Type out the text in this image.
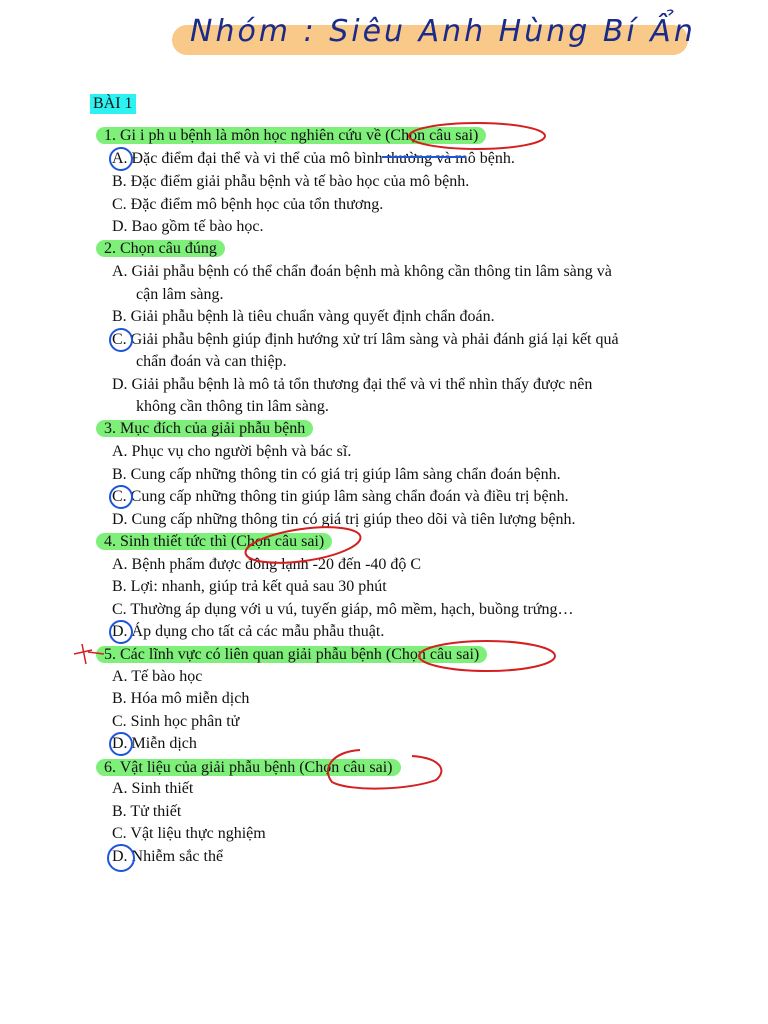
Nhóm : Siêu Anh Hùng Bí Ẩn
BÀI 1
1. Gi i ph u bệnh là môn học nghiên cứu về (Chọn câu sai)
A. Đặc điểm đại thể và vi thể của mô bình thường và mô bệnh.
B. Đặc điểm giải phẫu bệnh và tế bào học của mô bệnh.
C. Đặc điểm mô bệnh học của tổn thương.
D. Bao gồm tế bào học.
2. Chọn câu đúng
A. Giải phẫu bệnh có thể chẩn đoán bệnh mà không cần thông tin lâm sàng và
cận lâm sàng.
B. Giải phẫu bệnh là tiêu chuẩn vàng quyết định chẩn đoán.
C. Giải phẫu bệnh giúp định hướng xử trí lâm sàng và phải đánh giá lại kết quả
chẩn đoán và can thiệp.
D. Giải phẫu bệnh là mô tả tổn thương đại thể và vi thể nhìn thấy được nên
không cần thông tin lâm sàng.
3. Mục đích của giải phẫu bệnh
A. Phục vụ cho người bệnh và bác sĩ.
B. Cung cấp những thông tin có giá trị giúp lâm sàng chẩn đoán bệnh.
C. Cung cấp những thông tin giúp lâm sàng chẩn đoán và điều trị bệnh.
D. Cung cấp những thông tin có giá trị giúp theo dõi và tiên lượng bệnh.
4. Sinh thiết tức thì (Chọn câu sai)
A. Bệnh phẩm được đông lạnh -20 đến -40 độ C
B. Lợi: nhanh, giúp trả kết quả sau 30 phút
C. Thường áp dụng với u vú, tuyến giáp, mô mềm, hạch, buồng trứng…
D. Áp dụng cho tất cả các mẫu phẫu thuật.
5. Các lĩnh vực có liên quan giải phẫu bệnh (Chọn câu sai)
A. Tế bào học
B. Hóa mô miễn dịch
C. Sinh học phân tử
D. Miễn dịch
6. Vật liệu của giải phẫu bệnh (Chọn câu sai)
A. Sinh thiết
B. Tử thiết
C. Vật liệu thực nghiệm
D. Nhiễm sắc thể
